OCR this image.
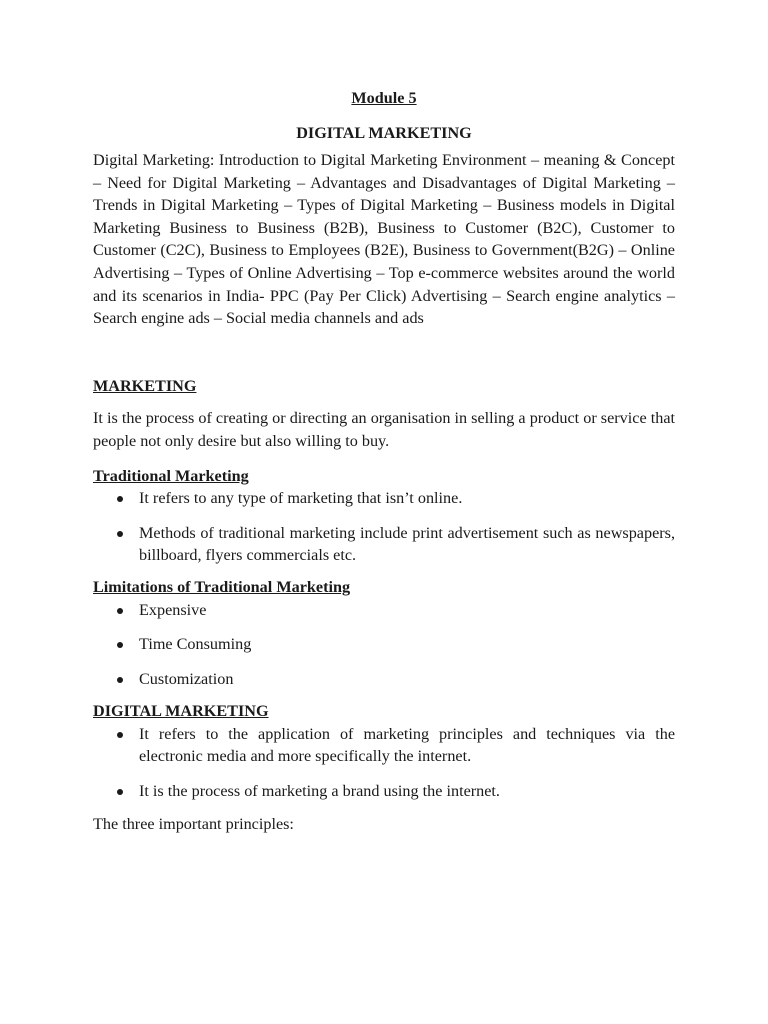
Module 5

DIGITAL MARKETING

Digital Marketing: Introduction to Digital Marketing Environment – meaning & Concept – Need for Digital Marketing – Advantages and Disadvantages of Digital Marketing – Trends in Digital Marketing – Types of Digital Marketing – Business models in Digital Marketing Business to Business (B2B), Business to Customer (B2C), Customer to Customer (C2C), Business to Employees (B2E), Business to Government(B2G) – Online Advertising – Types of Online Advertising – Top e-commerce websites around the world and its scenarios in India- PPC (Pay Per Click) Advertising – Search engine analytics – Search engine ads – Social media channels and ads

MARKETING

It is the process of creating or directing an organisation in selling a product or service that people not only desire but also willing to buy.

Traditional Marketing

It refers to any type of marketing that isn’t online.
Methods of traditional marketing include print advertisement such as newspapers, billboard, flyers commercials etc.

Limitations of Traditional Marketing

Expensive
Time Consuming
Customization

DIGITAL MARKETING

It refers to the application of marketing principles and techniques via the electronic media and more specifically the internet.
It is the process of marketing a brand using the internet.

The three important principles:
